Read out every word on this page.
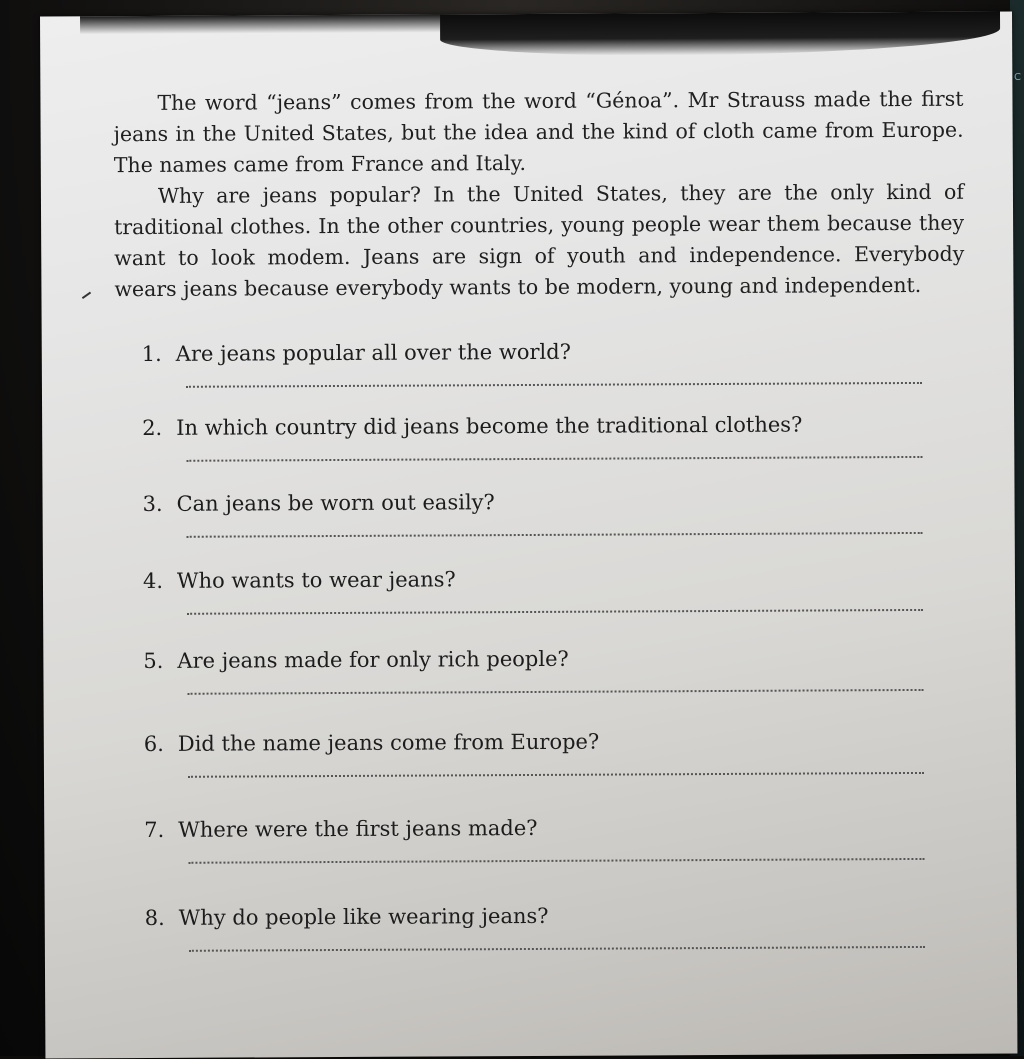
C

The word “jeans” comes from the word “Génoa”. Mr Strauss made the first jeans in the United States, but the idea and the kind of cloth came from Europe. The names came from France and Italy.

Why are jeans popular? In the United States, they are the only kind of traditional clothes. In the other countries, young people wear them because they want to look modem. Jeans are sign of youth and independence. Everybody wears jeans because everybody wants to be modern, young and independent.

1. Are jeans popular all over the world?
2. In which country did jeans become the traditional clothes?
3. Can jeans be worn out easily?
4. Who wants to wear jeans?
5. Are jeans made for only rich people?
6. Did the name jeans come from Europe?
7. Where were the first jeans made?
8. Why do people like wearing jeans?
